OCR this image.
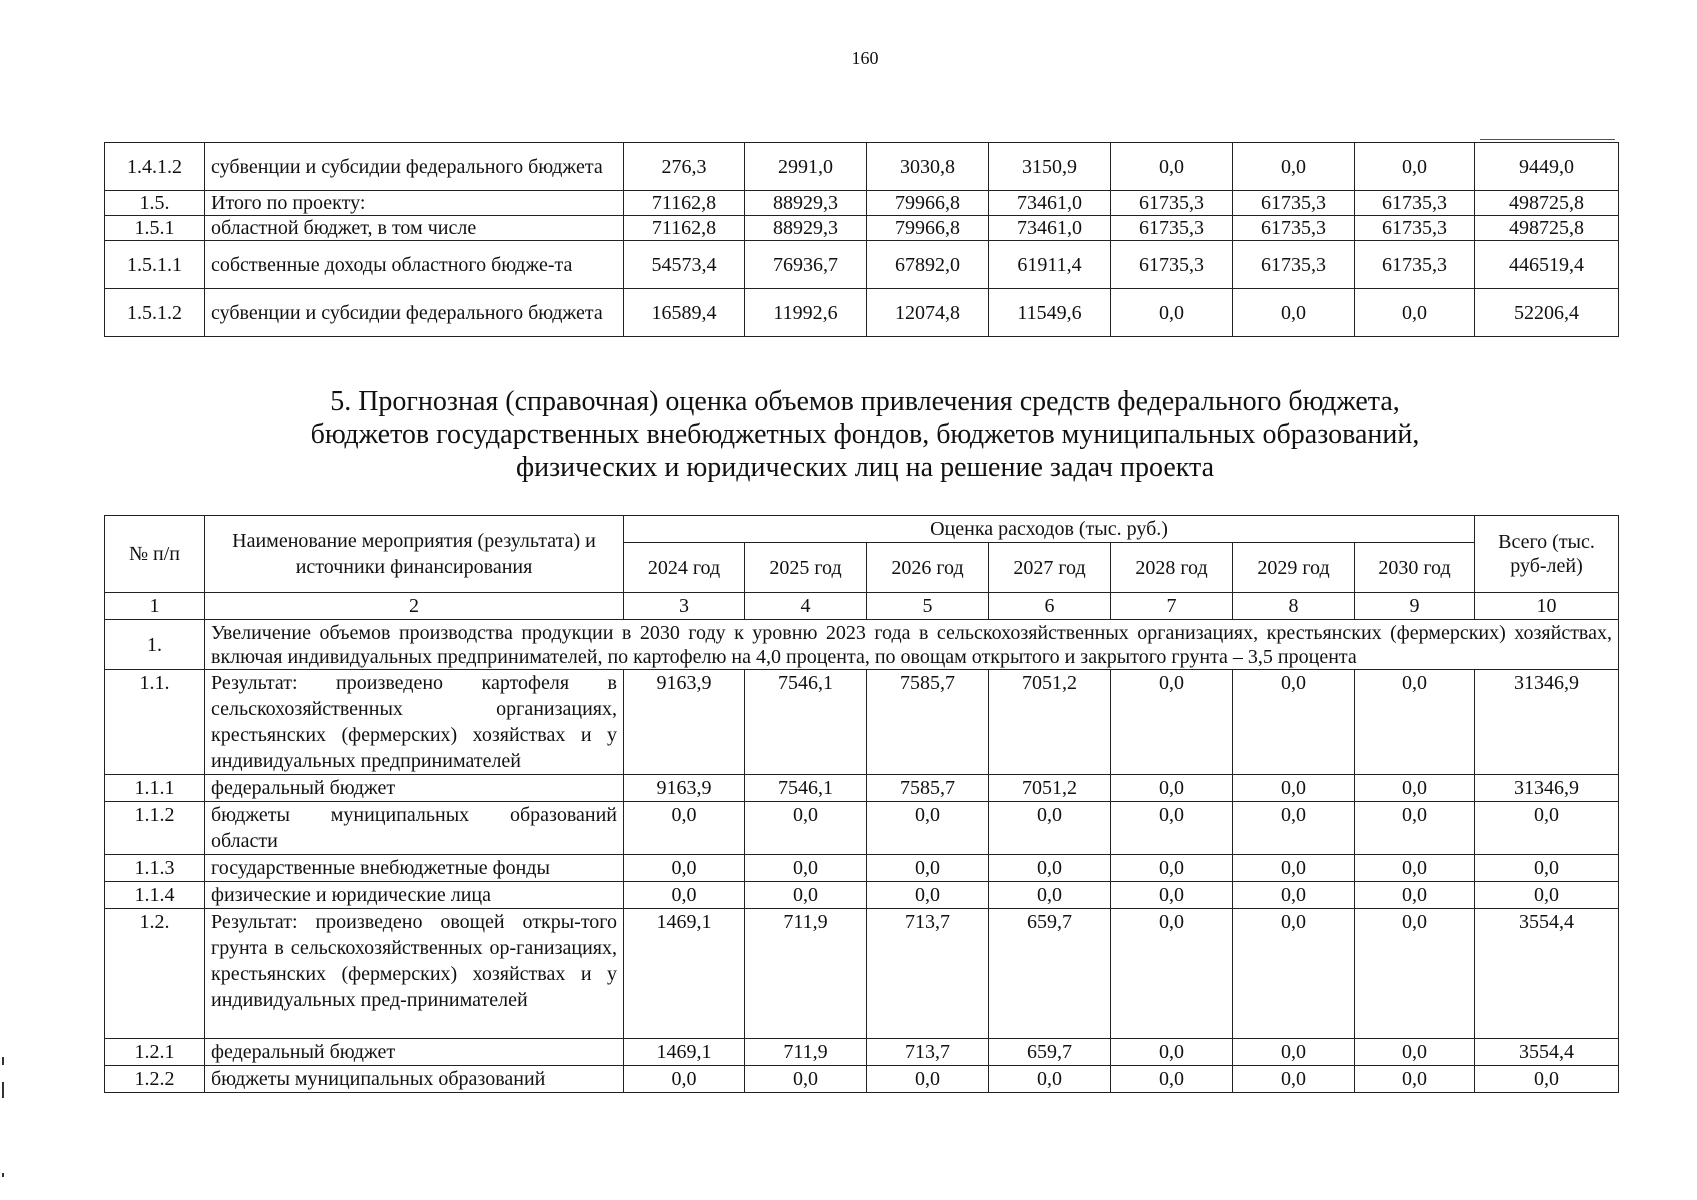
160
1.4.1.2	субвенции и субсидии федерального бюджета	276,3	2991,0	3030,8	3150,9	0,0	0,0	0,0	9449,0
1.5.	Итого по проекту:	71162,8	88929,3	79966,8	73461,0	61735,3	61735,3	61735,3	498725,8
1.5.1	областной бюджет, в том числе	71162,8	88929,3	79966,8	73461,0	61735,3	61735,3	61735,3	498725,8
1.5.1.1	собственные доходы областного бюдже-та	54573,4	76936,7	67892,0	61911,4	61735,3	61735,3	61735,3	446519,4
1.5.1.2	субвенции и субсидии федерального бюджета	16589,4	11992,6	12074,8	11549,6	0,0	0,0	0,0	52206,4
5. Прогнозная (справочная) оценка объемов привлечения средств федерального бюджета,
бюджетов государственных внебюджетных фондов, бюджетов муниципальных образований,
физических и юридических лиц на решение задач проекта
№ п/п	Наименование мероприятия (результата) и источники финансирования	Оценка расходов (тыс. руб.)							Всего (тыс. руб-лей)
		2024 год	2025 год	2026 год	2027 год	2028 год	2029 год	2030 год	
1	2	3	4	5	6	7	8	9	10
1.	Увеличение объемов производства продукции в 2030 году к уровню 2023 года в сельскохозяйственных организациях, крестьянских (фермерских) хозяйствах, включая индивидуальных предпринимателей, по картофелю на 4,0 процента, по овощам открытого и закрытого грунта – 3,5 процента								
1.1.	Результат: произведено картофеля в сельскохозяйственных организациях, крестьянских (фермерских) хозяйствах и у индивидуальных предпринимателей	9163,9	7546,1	7585,7	7051,2	0,0	0,0	0,0	31346,9
1.1.1	федеральный бюджет	9163,9	7546,1	7585,7	7051,2	0,0	0,0	0,0	31346,9
1.1.2	бюджеты муниципальных образований области	0,0	0,0	0,0	0,0	0,0	0,0	0,0	0,0
1.1.3	государственные внебюджетные фонды	0,0	0,0	0,0	0,0	0,0	0,0	0,0	0,0
1.1.4	физические и юридические лица	0,0	0,0	0,0	0,0	0,0	0,0	0,0	0,0
1.2.	Результат: произведено овощей откры-того грунта в сельскохозяйственных ор-ганизациях, крестьянских (фермерских) хозяйствах и у индивидуальных пред-принимателей	1469,1	711,9	713,7	659,7	0,0	0,0	0,0	3554,4
1.2.1	федеральный бюджет	1469,1	711,9	713,7	659,7	0,0	0,0	0,0	3554,4
1.2.2	бюджеты муниципальных образований	0,0	0,0	0,0	0,0	0,0	0,0	0,0	0,0
